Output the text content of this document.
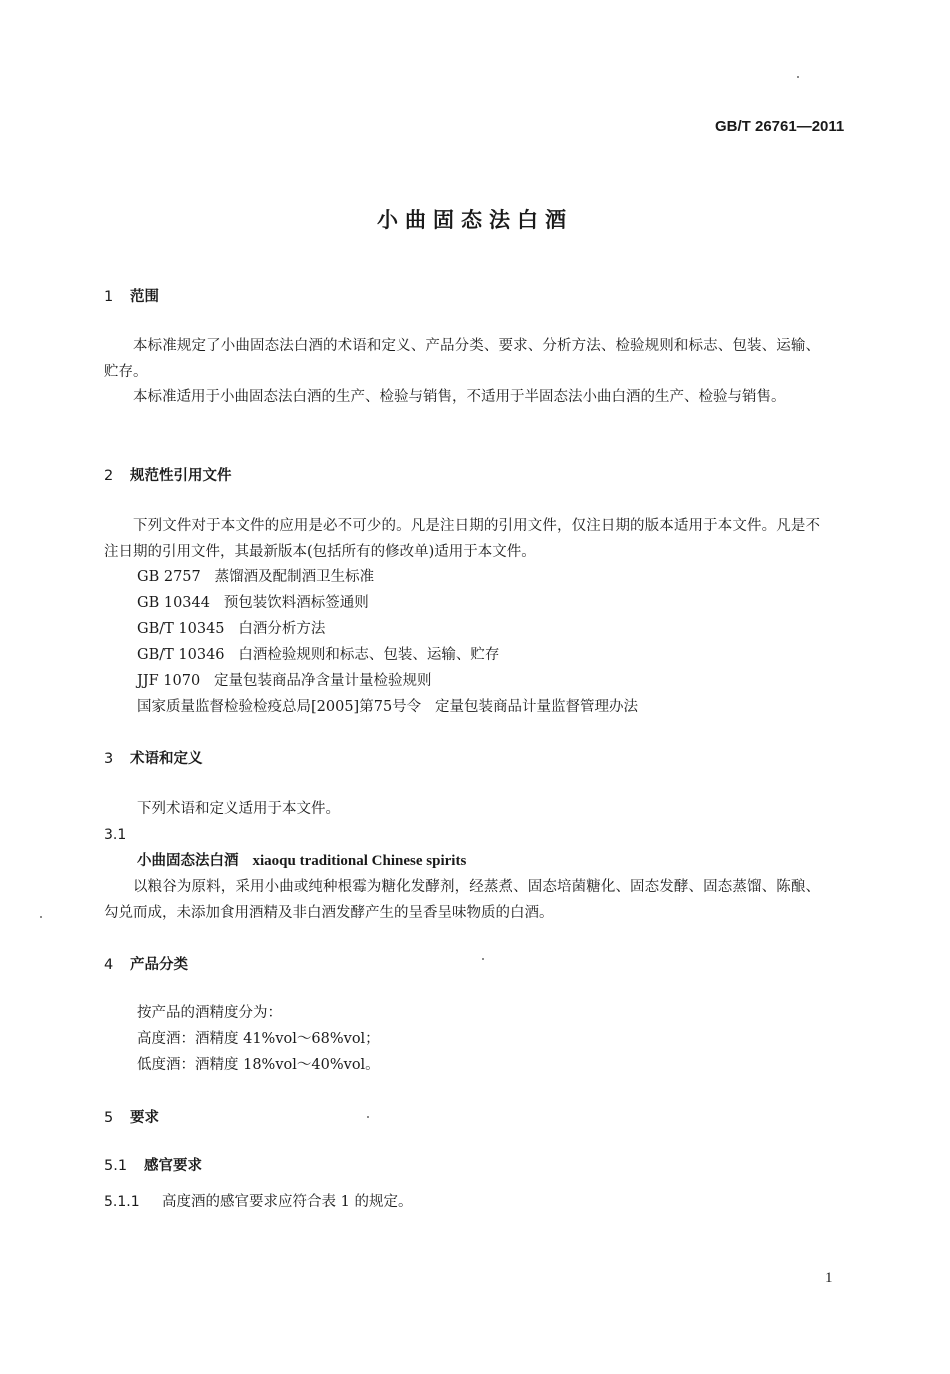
GB/T 26761—2011
小曲固态法白酒
1 范围
本标准规定了小曲固态法白酒的术语和定义、产品分类、要求、分析方法、检验规则和标志、包装、运输、贮存。
本标准适用于小曲固态法白酒的生产、检验与销售，不适用于半固态法小曲白酒的生产、检验与销售。
2 规范性引用文件
下列文件对于本文件的应用是必不可少的。凡是注日期的引用文件，仅注日期的版本适用于本文件。凡是不注日期的引用文件，其最新版本(包括所有的修改单)适用于本文件。
GB 2757 蒸馏酒及配制酒卫生标准
GB 10344 预包装饮料酒标签通则
GB/T 10345 白酒分析方法
GB/T 10346 白酒检验规则和标志、包装、运输、贮存
JJF 1070 定量包装商品净含量计量检验规则
国家质量监督检验检疫总局[2005]第75号令 定量包装商品计量监督管理办法
3 术语和定义
下列术语和定义适用于本文件。
3.1
小曲固态法白酒 xiaoqu traditional Chinese spirits
以粮谷为原料，采用小曲或纯种根霉为糖化发酵剂，经蒸煮、固态培菌糖化、固态发酵、固态蒸馏、陈酿、勾兑而成，未添加食用酒精及非白酒发酵产生的呈香呈味物质的白酒。
4 产品分类
按产品的酒精度分为：
高度酒：酒精度 41%vol～68%vol；
低度酒：酒精度 18%vol～40%vol。
5 要求
5.1 感官要求
5.1.1 高度酒的感官要求应符合表 1 的规定。
1
